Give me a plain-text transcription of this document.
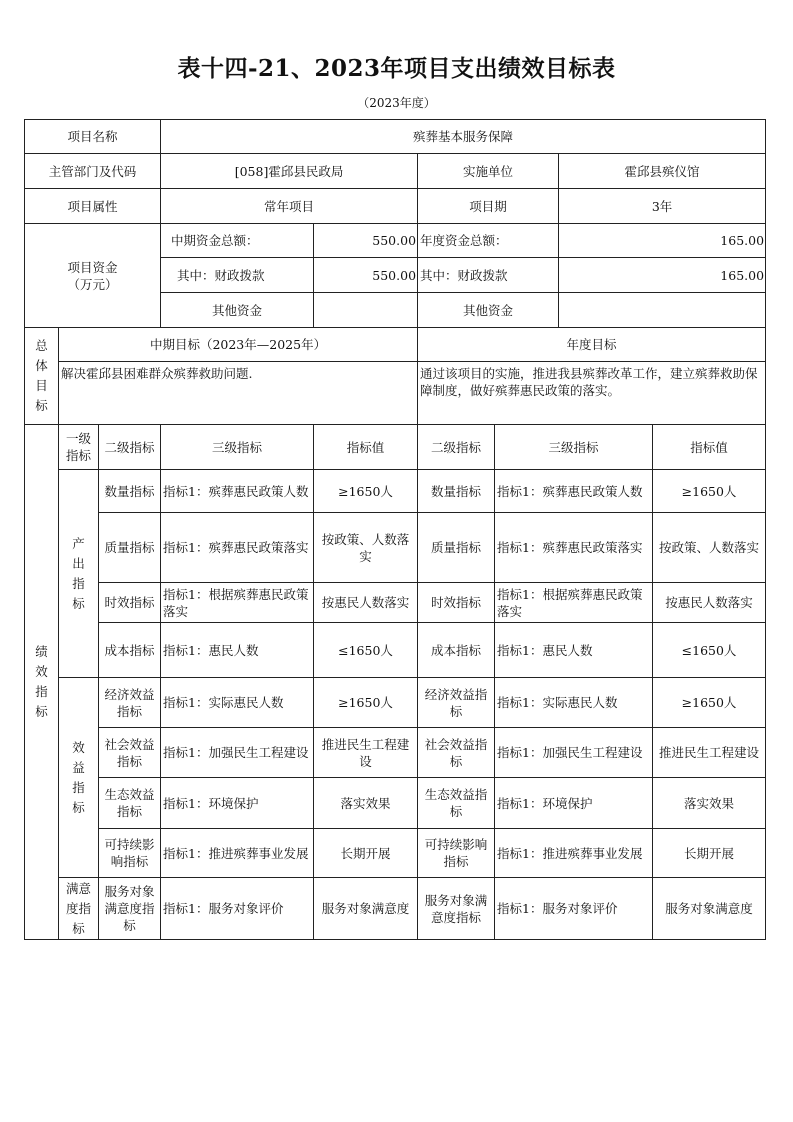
表十四-21、2023年项目支出绩效目标表
（2023年度）
项目名称			殡葬基本服务保障					
主管部门及代码			[058]霍邱县民政局		实施单位		霍邱县殡仪馆	
项目属性			常年项目		项目期		3年	

项目资金（万元）			中期资金总额：	550.00	年度资金总额：		165.00	
			其中：财政拨款	550.00	其中：财政拨款		165.00	
			其他资金		其他资金			

总体目标	中期目标（2023年—2025年）				年度目标			
	解决霍邱县困难群众殡葬救助问题.				通过该项目的实施，推进我县殡葬改革工作，建立殡葬救助保障制度，做好殡葬惠民政策的落实。			

绩效指标	一级指标	二级指标	三级指标	指标值	二级指标	三级指标		指标值

	产出指标	数量指标	指标1：殡葬惠民政策人数	≥1650人	数量指标	指标1：殡葬惠民政策人数		≥1650人
		质量指标	指标1：殡葬惠民政策落实	按政策、人数落实	质量指标	指标1：殡葬惠民政策落实		按政策、人数落实
		时效指标	指标1：根据殡葬惠民政策落实	按惠民人数落实	时效指标	指标1：根据殡葬惠民政策落实		按惠民人数落实
		成本指标	指标1：惠民人数	≤1650人	成本指标	指标1：惠民人数		≤1650人

	效益指标	经济效益指标	指标1：实际惠民人数	≥1650人	经济效益指标	指标1：实际惠民人数		≥1650人
		社会效益指标	指标1：加强民生工程建设	推进民生工程建设	社会效益指标	指标1：加强民生工程建设		推进民生工程建设
		生态效益指标	指标1：环境保护	落实效果	生态效益指标	指标1：环境保护		落实效果
		可持续影响指标	指标1：推进殡葬事业发展	长期开展	可持续影响指标	指标1：推进殡葬事业发展		长期开展

	满意度指标	服务对象满意度指标	指标1：服务对象评价	服务对象满意度	服务对象满意度指标	指标1：服务对象评价		服务对象满意度
